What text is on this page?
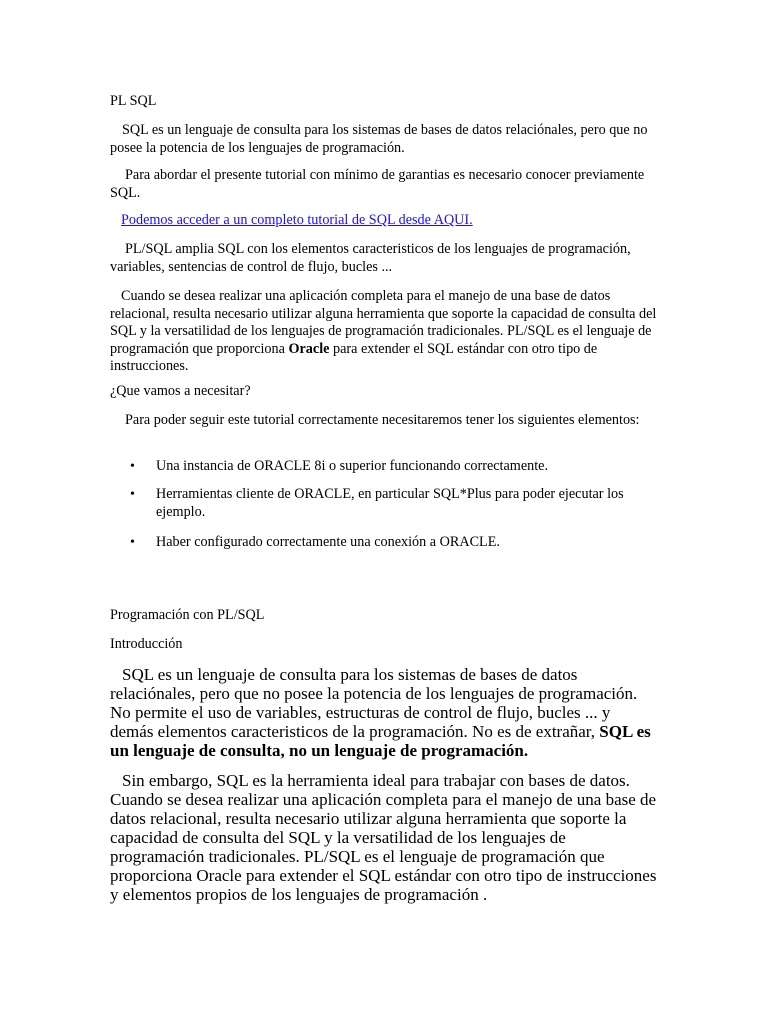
PL SQL

SQL es un lenguaje de consulta para los sistemas de bases de datos relaciónales, pero que no posee la potencia de los lenguajes de programación.

Para abordar el presente tutorial con mínimo de garantias es necesario conocer previamente SQL.

Podemos acceder a un completo tutorial de SQL desde AQUI.

PL/SQL amplia SQL con los elementos caracteristicos de los lenguajes de programación, variables, sentencias de control de flujo, bucles ...

Cuando se desea realizar una aplicación completa para el manejo de una base de datos relacional, resulta necesario utilizar alguna herramienta que soporte la capacidad de consulta del SQL y la versatilidad de los lenguajes de programación tradicionales. PL/SQL es el lenguaje de programación que proporciona Oracle para extender el SQL estándar con otro tipo de instrucciones.

¿Que vamos a necesitar?

Para poder seguir este tutorial correctamente necesitaremos tener los siguientes elementos:

• Una instancia de ORACLE 8i o superior funcionando correctamente.
• Herramientas cliente de ORACLE, en particular SQL*Plus para poder ejecutar los ejemplo.
• Haber configurado correctamente una conexión a ORACLE.

Programación con PL/SQL

Introducción

SQL es un lenguaje de consulta para los sistemas de bases de datos relaciónales, pero que no posee la potencia de los lenguajes de programación. No permite el uso de variables, estructuras de control de flujo, bucles ... y demás elementos caracteristicos de la programación. No es de extrañar, SQL es un lenguaje de consulta, no un lenguaje de programación.

Sin embargo, SQL es la herramienta ideal para trabajar con bases de datos. Cuando se desea realizar una aplicación completa para el manejo de una base de datos relacional, resulta necesario utilizar alguna herramienta que soporte la capacidad de consulta del SQL y la versatilidad de los lenguajes de programación tradicionales. PL/SQL es el lenguaje de programación que proporciona Oracle para extender el SQL estándar con otro tipo de instrucciones y elementos propios de los lenguajes de programación .
